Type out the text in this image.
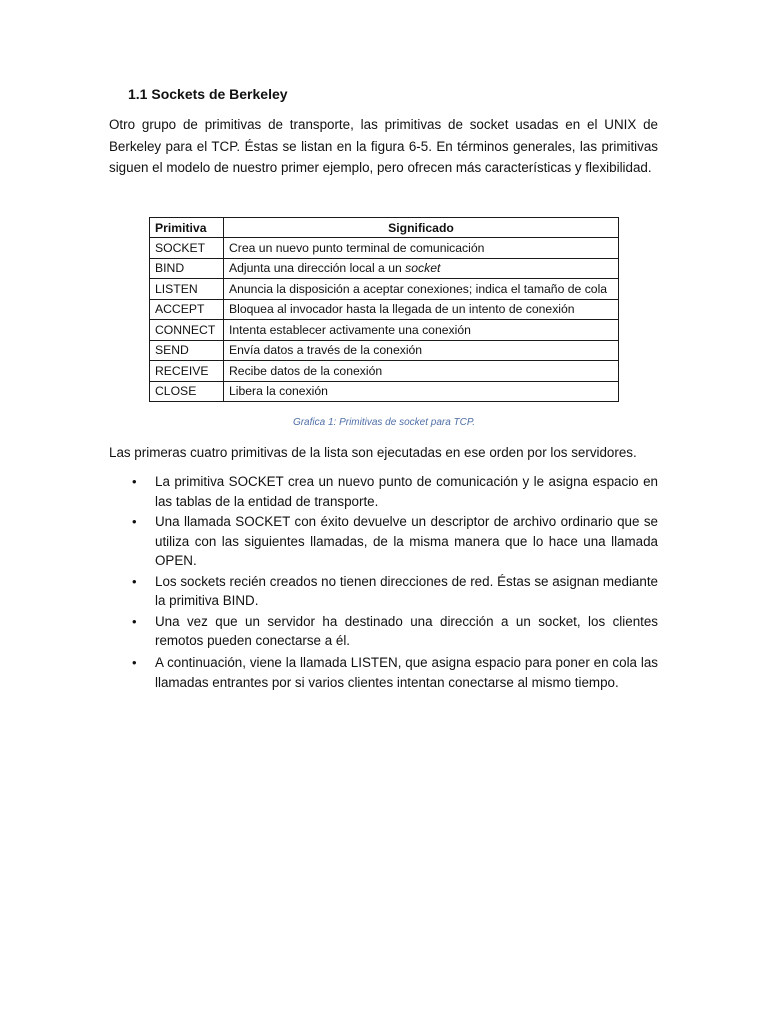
1.1 Sockets de Berkeley
Otro grupo de primitivas de transporte, las primitivas de socket usadas en el UNIX de Berkeley para el TCP. Éstas se listan en la figura 6-5. En términos generales, las primitivas siguen el modelo de nuestro primer ejemplo, pero ofrecen más características y flexibilidad.
Primitiva	Significado
SOCKET	Crea un nuevo punto terminal de comunicación
BIND	Adjunta una dirección local a un socket
LISTEN	Anuncia la disposición a aceptar conexiones; indica el tamaño de cola
ACCEPT	Bloquea al invocador hasta la llegada de un intento de conexión
CONNECT	Intenta establecer activamente una conexión
SEND	Envía datos a través de la conexión
RECEIVE	Recibe datos de la conexión
CLOSE	Libera la conexión
Grafica 1: Primitivas de socket para TCP.
Las primeras cuatro primitivas de la lista son ejecutadas en ese orden por los servidores.
• La primitiva SOCKET crea un nuevo punto de comunicación y le asigna espacio en las tablas de la entidad de transporte.
• Una llamada SOCKET con éxito devuelve un descriptor de archivo ordinario que se utiliza con las siguientes llamadas, de la misma manera que lo hace una llamada OPEN.
• Los sockets recién creados no tienen direcciones de red. Éstas se asignan mediante la primitiva BIND.
• Una vez que un servidor ha destinado una dirección a un socket, los clientes remotos pueden conectarse a él.
• A continuación, viene la llamada LISTEN, que asigna espacio para poner en cola las llamadas entrantes por si varios clientes intentan conectarse al mismo tiempo.
